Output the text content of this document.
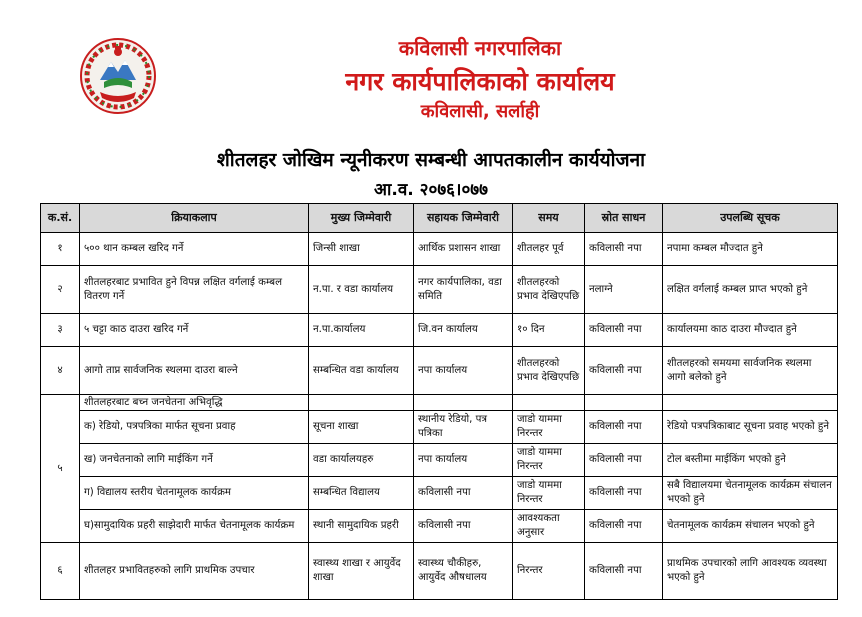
कविलासी नगरपालिका
नगर कार्यपालिकाको कार्यालय
कविलासी, सर्लाही
शीतलहर जोखिम न्यूनीकरण सम्बन्धी आपतकालीन कार्ययोजना
आ.व. २०७६।०७७
क.सं.	क्रियाकलाप	मुख्य जिम्मेवारी	सहायक जिम्मेवारी	समय	स्रोत साधन	उपलब्धि सूचक
१	५०० थान कम्बल खरिद गर्ने	जिन्सी शाखा	आर्थिक प्रशासन शाखा	शीतलहर पूर्व	कविलासी नपा	नपामा कम्बल मौज्दात हुने
२	शीतलहरबाट प्रभावित हुने विपन्न लक्षित वर्गलाई कम्बल वितरण गर्ने	न.पा. र वडा कार्यालय	नगर कार्यपालिका, वडा समिति	शीतलहरको प्रभाव देखिएपछि	नलाग्ने	लक्षित वर्गलाई कम्बल प्राप्त भएको हुने
३	५ चट्टा काठ दाउरा खरिद गर्ने	न.पा.कार्यालय	जि.वन कार्यालय	१० दिन	कविलासी नपा	कार्यालयमा काठ दाउरा मौज्दात हुने
४	आगो ताप्न सार्वजनिक स्थलमा दाउरा बाल्ने	सम्बन्धित वडा कार्यालय	नपा कार्यालय	शीतलहरको प्रभाव देखिएपछि	कविलासी नपा	शीतलहरको समयमा सार्वजनिक स्थलमा आगो बलेको हुने
५	शीतलहरबाट बच्न जनचेतना अभिवृद्धि					
	क) रेडियो, पत्रपत्रिका मार्फत सूचना प्रवाह	सूचना शाखा	स्थानीय रेडियो, पत्र पत्रिका	जाडो याममा निरन्तर	कविलासी नपा	रेडियो पत्रपत्रिकाबाट सूचना प्रवाह भएको हुने
	ख) जनचेतनाको लागि माईकिंग गर्ने	वडा कार्यालयहरु	नपा कार्यालय	जाडो याममा निरन्तर	कविलासी नपा	टोल बस्तीमा माईकिंग भएको हुने
	ग) विद्यालय स्तरीय चेतनामूलक कार्यक्रम	सम्बन्धित विद्यालय	कविलासी नपा	जाडो याममा निरन्तर	कविलासी नपा	सबै विद्यालयमा चेतनामूलक कार्यक्रम संचालन भएको हुने
	घ)सामुदायिक प्रहरी साझेदारी मार्फत चेतनामूलक कार्यक्रम	स्थानी सामुदायिक प्रहरी	कविलासी नपा	आवश्यकता अनुसार	कविलासी नपा	चेतनामूलक कार्यक्रम संचालन भएको हुने
६	शीतलहर प्रभावितहरुको लागि प्राथमिक उपचार	स्वास्थ्य शाखा र आयुर्वेद शाखा	स्वास्थ्य चौकीहरु, आयुर्वेद औषधालय	निरन्तर	कविलासी नपा	प्राथमिक उपचारको लागि आवश्यक व्यवस्था भएको हुने
